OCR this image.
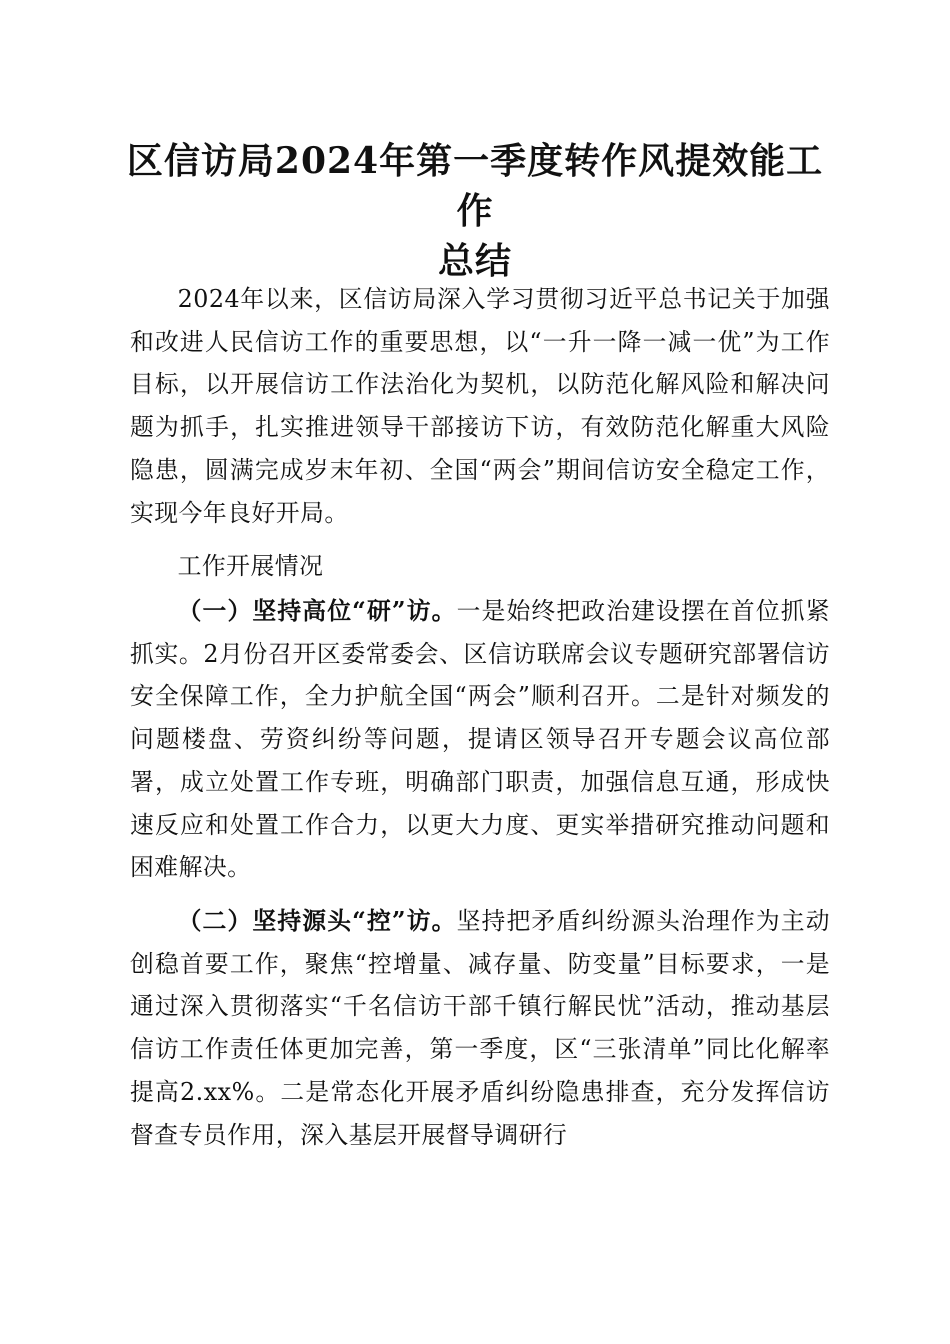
区信访局2024年第一季度转作风提效能工作
总结

2024年以来，区信访局深入学习贯彻习近平总书记关于加强和改进人民信访工作的重要思想，以“一升一降一减一优”为工作目标，以开展信访工作法治化为契机，以防范化解风险和解决问题为抓手，扎实推进领导干部接访下访，有效防范化解重大风险隐患，圆满完成岁末年初、全国“两会”期间信访安全稳定工作，实现今年良好开局。

工作开展情况

（一）坚持高位“研”访。一是始终把政治建设摆在首位抓紧抓实。2月份召开区委常委会、区信访联席会议专题研究部署信访安全保障工作，全力护航全国“两会”顺利召开。二是针对频发的问题楼盘、劳资纠纷等问题，提请区领导召开专题会议高位部署，成立处置工作专班，明确部门职责，加强信息互通，形成快速反应和处置工作合力，以更大力度、更实举措研究推动问题和困难解决。

（二）坚持源头“控”访。坚持把矛盾纠纷源头治理作为主动创稳首要工作，聚焦“控增量、减存量、防变量”目标要求，一是通过深入贯彻落实“千名信访干部千镇行解民忧”活动，推动基层信访工作责任体更加完善，第一季度，区“三张清单”同比化解率提高2.xx%。二是常态化开展矛盾纠纷隐患排查，充分发挥信访督查专员作用，深入基层开展督导调研行
